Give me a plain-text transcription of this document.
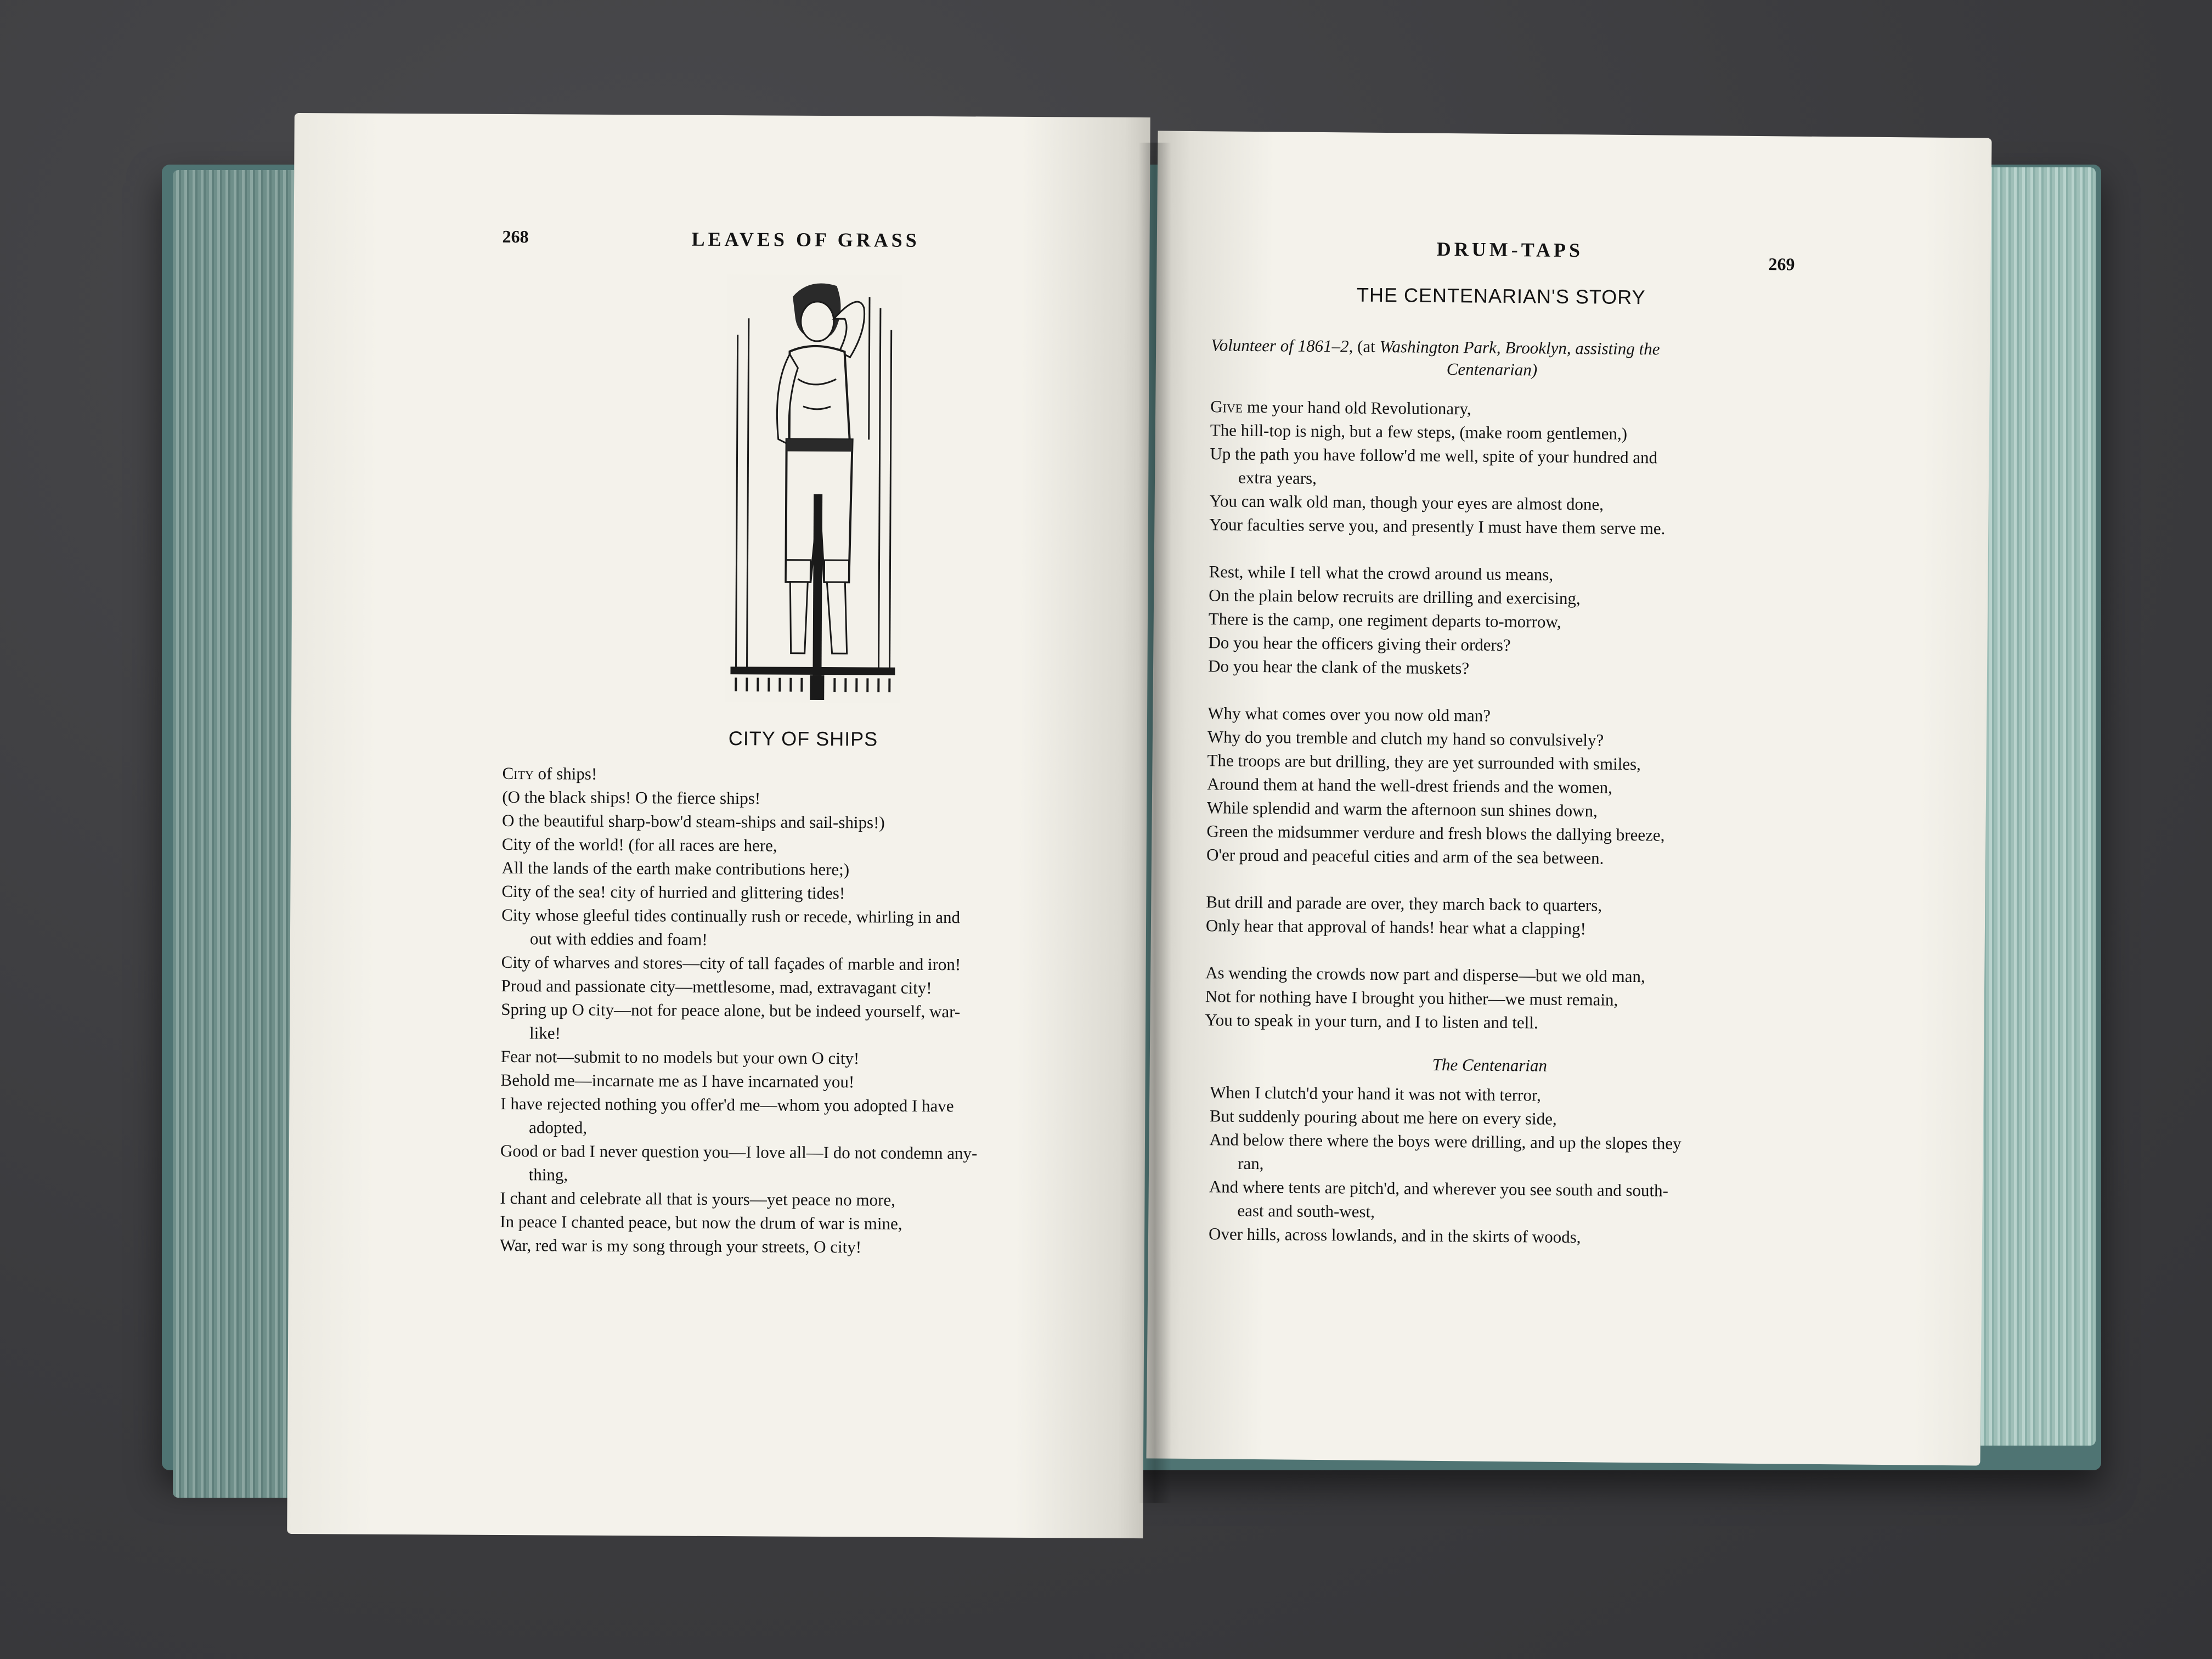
268	LEAVES OF GRASS
CITY OF SHIPS
City of ships!
(O the black ships! O the fierce ships!
O the beautiful sharp-bow'd steam-ships and sail-ships!)
City of the world! (for all races are here,
All the lands of the earth make contributions here;)
City of the sea! city of hurried and glittering tides!
City whose gleeful tides continually rush or recede, whirling in and
out with eddies and foam!
City of wharves and stores—city of tall façades of marble and iron!
Proud and passionate city—mettlesome, mad, extravagant city!
Spring up O city—not for peace alone, but be indeed yourself, war-
like!
Fear not—submit to no models but your own O city!
Behold me—incarnate me as I have incarnated you!
I have rejected nothing you offer'd me—whom you adopted I have
adopted,
Good or bad I never question you—I love all—I do not condemn any-
thing,
I chant and celebrate all that is yours—yet peace no more,
In peace I chanted peace, but now the drum of war is mine,
War, red war is my song through your streets, O city!
DRUM-TAPS
269
THE CENTENARIAN'S STORY
Volunteer of 1861–2, (at Washington Park, Brooklyn, assisting the
Centenarian)
Give me your hand old Revolutionary,
The hill-top is nigh, but a few steps, (make room gentlemen,)
Up the path you have follow'd me well, spite of your hundred and
extra years,
You can walk old man, though your eyes are almost done,
Your faculties serve you, and presently I must have them serve me.
Rest, while I tell what the crowd around us means,
On the plain below recruits are drilling and exercising,
There is the camp, one regiment departs to-morrow,
Do you hear the officers giving their orders?
Do you hear the clank of the muskets?
Why what comes over you now old man?
Why do you tremble and clutch my hand so convulsively?
The troops are but drilling, they are yet surrounded with smiles,
Around them at hand the well-drest friends and the women,
While splendid and warm the afternoon sun shines down,
Green the midsummer verdure and fresh blows the dallying breeze,
O'er proud and peaceful cities and arm of the sea between.
But drill and parade are over, they march back to quarters,
Only hear that approval of hands! hear what a clapping!
As wending the crowds now part and disperse—but we old man,
Not for nothing have I brought you hither—we must remain,
You to speak in your turn, and I to listen and tell.
The Centenarian
When I clutch'd your hand it was not with terror,
But suddenly pouring about me here on every side,
And below there where the boys were drilling, and up the slopes they
ran,
And where tents are pitch'd, and wherever you see south and south-
east and south-west,
Over hills, across lowlands, and in the skirts of woods,
